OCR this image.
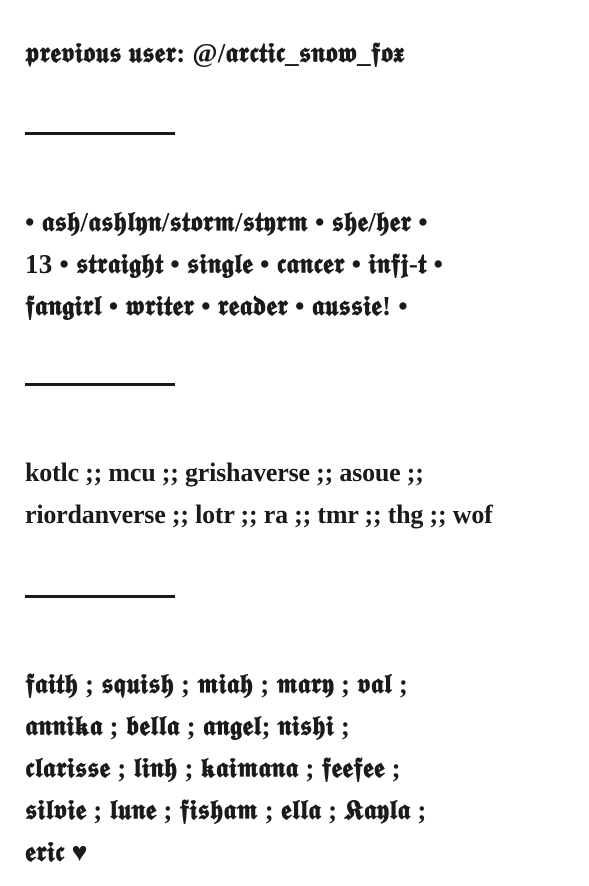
𝖕𝖗𝖊𝖛𝖎𝖔𝖚𝖘 𝖚𝖘𝖊𝖗: @/𝖆𝖗𝖈𝖙𝖎𝖈_𝖘𝖓𝖔𝖜_𝖋𝖔𝖝
• 𝖆𝖘𝖍/𝖆𝖘𝖍𝖑𝖞𝖓/𝖘𝖙𝖔𝖗𝖒/𝖘𝖙𝖞𝖗𝖒 • 𝖘𝖍𝖊/𝖍𝖊𝖗 •
13 • 𝖘𝖙𝖗𝖆𝖎𝖌𝖍𝖙 • 𝖘𝖎𝖓𝖌𝖑𝖊 • 𝖈𝖆𝖓𝖈𝖊𝖗 • 𝖎𝖓𝖋𝖏-𝖙 •
𝖋𝖆𝖓𝖌𝖎𝖗𝖑 • 𝖜𝖗𝖎𝖙𝖊𝖗 • 𝖗𝖊𝖆𝖉𝖊𝖗 • 𝖆𝖚𝖘𝖘𝖎𝖊! •
kotlc ;; mcu ;; grishaverse ;; asoue ;;
riordanverse ;; lotr ;; ra ;; tmr ;; thg ;; wof
𝖋𝖆𝖎𝖙𝖍 ; 𝖘𝖖𝖚𝖎𝖘𝖍 ; 𝖒𝖎𝖆𝖍 ; 𝖒𝖆𝖗𝖞 ; 𝖛𝖆𝖑 ;
𝖆𝖓𝖓𝖎𝖐𝖆 ; 𝖇𝖊𝖑𝖑𝖆 ; 𝖆𝖓𝖌𝖊𝖑; 𝖓𝖎𝖘𝖍𝖎 ;
𝖈𝖑𝖆𝖗𝖎𝖘𝖘𝖊 ; 𝖑𝖎𝖓𝖍 ; 𝖐𝖆𝖎𝖒𝖆𝖓𝖆 ; 𝖋𝖊𝖊𝖋𝖊𝖊 ;
𝖘𝖎𝖑𝖛𝖎𝖊 ; 𝖑𝖚𝖓𝖊 ; 𝖋𝖎𝖘𝖍𝖆𝖒 ; 𝖊𝖑𝖑𝖆 ; 𝕶𝖆𝖞𝖑𝖆 ;
𝖊𝖗𝖎𝖈 ♥
